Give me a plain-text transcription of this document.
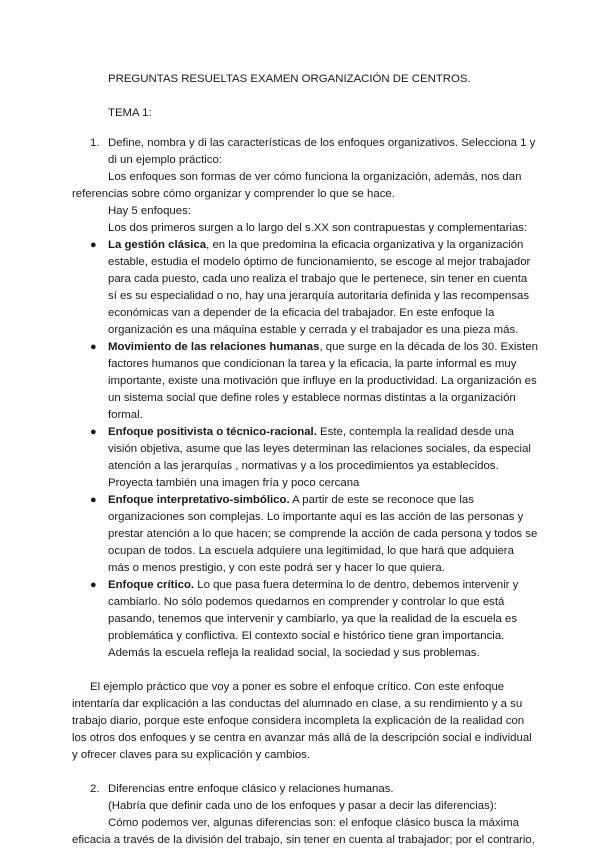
PREGUNTAS RESUELTAS EXAMEN ORGANIZACIÓN DE CENTROS.

TEMA 1:

1. Define, nombra y di las características de los enfoques organizativos. Selecciona 1 y

di un ejemplo práctico:

Los enfoques son formas de ver cómo funciona la organización, además, nos dan

referencias sobre cómo organizar y comprender lo que se hace.

Hay 5 enfoques:

Los dos primeros surgen a lo largo del s.XX son contrapuestas y complementarias:

● La gestión clásica, en la que predomina la eficacia organizativa y la organización

estable, estudia el modelo óptimo de funcionamiento, se escoge al mejor trabajador

para cada puesto, cada uno realiza el trabajo que le pertenece, sin tener en cuenta

sí es su especialidad o no, hay una jerarquía autoritaria definida y las recompensas

económicas van a depender de la eficacia del trabajador. En este enfoque la

organización es una máquina estable y cerrada y el trabajador es una pieza más.

● Movimiento de las relaciones humanas, que surge en la década de los 30. Existen

factores humanos que condicionan la tarea y la eficacia, la parte informal es muy

importante, existe una motivación que influye en la productividad. La organización es

un sistema social que define roles y establece normas distintas a la organización

formal.

● Enfoque positivista o técnico-racional. Este, contempla la realidad desde una

visión objetiva, asume que las leyes determinan las relaciones sociales, da especial

atención a las jerarquías , normativas y a los procedimientos ya establecidos.

Proyecta también una imagen fría y poco cercana

● Enfoque interpretativo-simbólico. A partir de este se reconoce que las

organizaciones son complejas. Lo importante aquí es las acción de las personas y

prestar atención a lo que hacen; se comprende la acción de cada persona y todos se

ocupan de todos. La escuela adquiere una legitimidad, lo que hará que adquiera

más o menos prestigio, y con este podrá ser y hacer lo que quiera.

● Enfoque crítico. Lo que pasa fuera determina lo de dentro, debemos intervenir y

cambiarlo. No sólo podemos quedarnos en comprender y controlar lo que está

pasando, tenemos que intervenir y cambiarlo, ya que la realidad de la escuela es

problemática y conflictiva. El contexto social e histórico tiene gran importancia.

Además la escuela refleja la realidad social, la sociedad y sus problemas.

El ejemplo práctico que voy a poner es sobre el enfoque crítico. Con este enfoque

intentaría dar explicación a las conductas del alumnado en clase, a su rendimiento y a su

trabajo diario, porque este enfoque considera incompleta la explicación de la realidad con

los otros dos enfoques y se centra en avanzar más allá de la descripción social e individual

y ofrecer claves para su explicación y cambios.

2. Diferencias entre enfoque clásico y relaciones humanas.

(Habría que definir cada uno de los enfoques y pasar a decir las diferencias):

Cómo podemos ver, algunas diferencias son: el enfoque clásico busca la máxima

eficacia a través de la división del trabajo, sin tener en cuenta al trabajador; por el contrario,
